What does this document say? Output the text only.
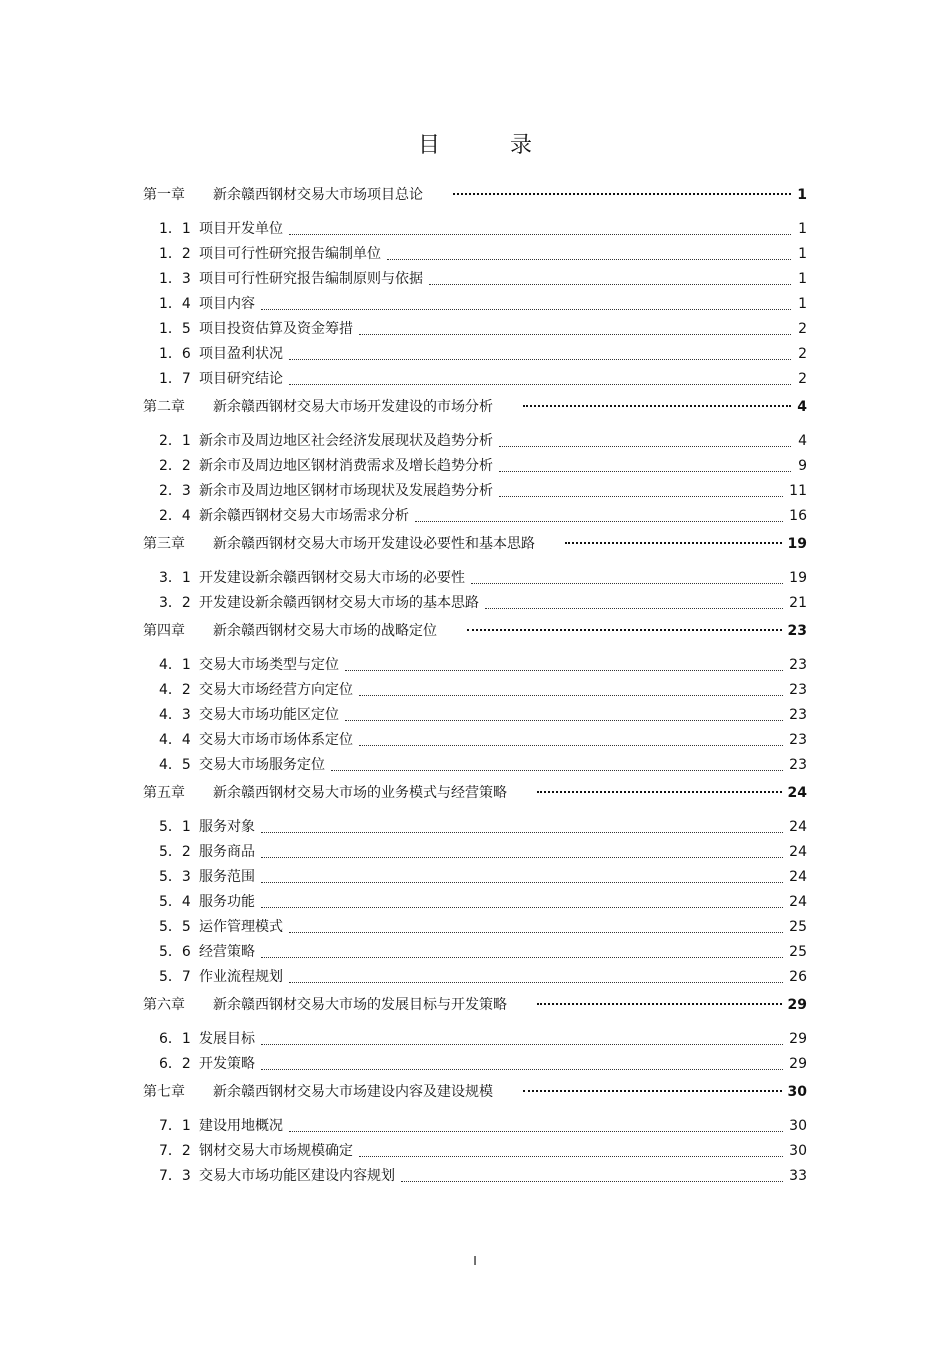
目	录
第一章	新余赣西钢材交易大市场项目总论	1
1．1 项目开发单位	1
1．2 项目可行性研究报告编制单位	1
1．3 项目可行性研究报告编制原则与依据	1
1．4 项目内容	1
1．5 项目投资估算及资金筹措	2
1．6 项目盈利状况	2
1．7 项目研究结论	2
第二章	新余赣西钢材交易大市场开发建设的市场分析	4
2．1 新余市及周边地区社会经济发展现状及趋势分析	4
2．2 新余市及周边地区钢材消费需求及增长趋势分析	9
2．3 新余市及周边地区钢材市场现状及发展趋势分析	11
2．4 新余赣西钢材交易大市场需求分析	16
第三章	新余赣西钢材交易大市场开发建设必要性和基本思路	19
3．1 开发建设新余赣西钢材交易大市场的必要性	19
3．2 开发建设新余赣西钢材交易大市场的基本思路	21
第四章	新余赣西钢材交易大市场的战略定位	23
4．1 交易大市场类型与定位	23
4．2 交易大市场经营方向定位	23
4．3 交易大市场功能区定位	23
4．4 交易大市场市场体系定位	23
4．5 交易大市场服务定位	23
第五章	新余赣西钢材交易大市场的业务模式与经营策略	24
5．1 服务对象	24
5．2 服务商品	24
5．3 服务范围	24
5．4 服务功能	24
5．5 运作管理模式	25
5．6 经营策略	25
5．7 作业流程规划	26
第六章	新余赣西钢材交易大市场的发展目标与开发策略	29
6．1 发展目标	29
6．2 开发策略	29
第七章	新余赣西钢材交易大市场建设内容及建设规模	30
7．1 建设用地概况	30
7．2 钢材交易大市场规模确定	30
7．3 交易大市场功能区建设内容规划	33
I
